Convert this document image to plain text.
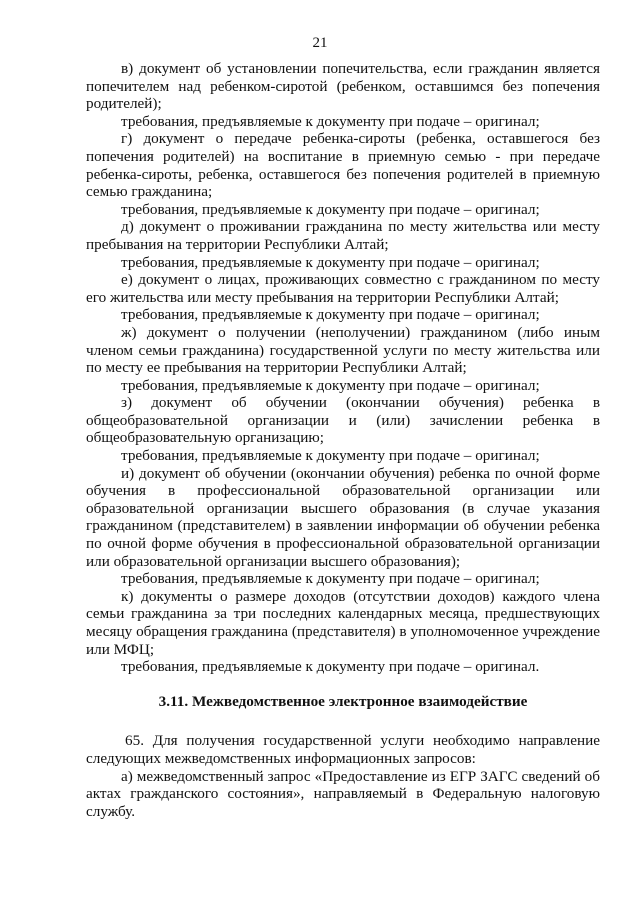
21

в) документ об установлении попечительства, если гражданин является попечителем над ребенком-сиротой (ребенком, оставшимся без попечения родителей);

требования, предъявляемые к документу при подаче – оригинал;

г) документ о передаче ребенка-сироты (ребенка, оставшегося без попечения родителей) на воспитание в приемную семью - при передаче ребенка-сироты, ребенка, оставшегося без попечения родителей в приемную семью гражданина;

требования, предъявляемые к документу при подаче – оригинал;

д) документ о проживании гражданина по месту жительства или месту пребывания на территории Республики Алтай;

требования, предъявляемые к документу при подаче – оригинал;

е) документ о лицах, проживающих совместно с гражданином по месту его жительства или месту пребывания на территории Республики Алтай;

требования, предъявляемые к документу при подаче – оригинал;

ж) документ о получении (неполучении) гражданином (либо иным членом семьи гражданина) государственной услуги по месту жительства или по месту ее пребывания на территории Республики Алтай;

требования, предъявляемые к документу при подаче – оригинал;

з) документ об обучении (окончании обучения) ребенка в общеобразовательной организации и (или) зачислении ребенка в общеобразовательную организацию;

требования, предъявляемые к документу при подаче – оригинал;

и) документ об обучении (окончании обучения) ребенка по очной форме обучения в профессиональной образовательной организации или образовательной организации высшего образования (в случае указания гражданином (представителем) в заявлении информации об обучении ребенка по очной форме обучения в профессиональной образовательной организации или образовательной организации высшего образования);

требования, предъявляемые к документу при подаче – оригинал;

к) документы о размере доходов (отсутствии доходов) каждого члена семьи гражданина за три последних календарных месяца, предшествующих месяцу обращения гражданина (представителя) в уполномоченное учреждение или МФЦ;

требования, предъявляемые к документу при подаче – оригинал.

3.11. Межведомственное электронное взаимодействие

65. Для получения государственной услуги необходимо направление следующих межведомственных информационных запросов:

а) межведомственный запрос «Предоставление из ЕГР ЗАГС сведений об актах гражданского состояния», направляемый в Федеральную налоговую службу.
